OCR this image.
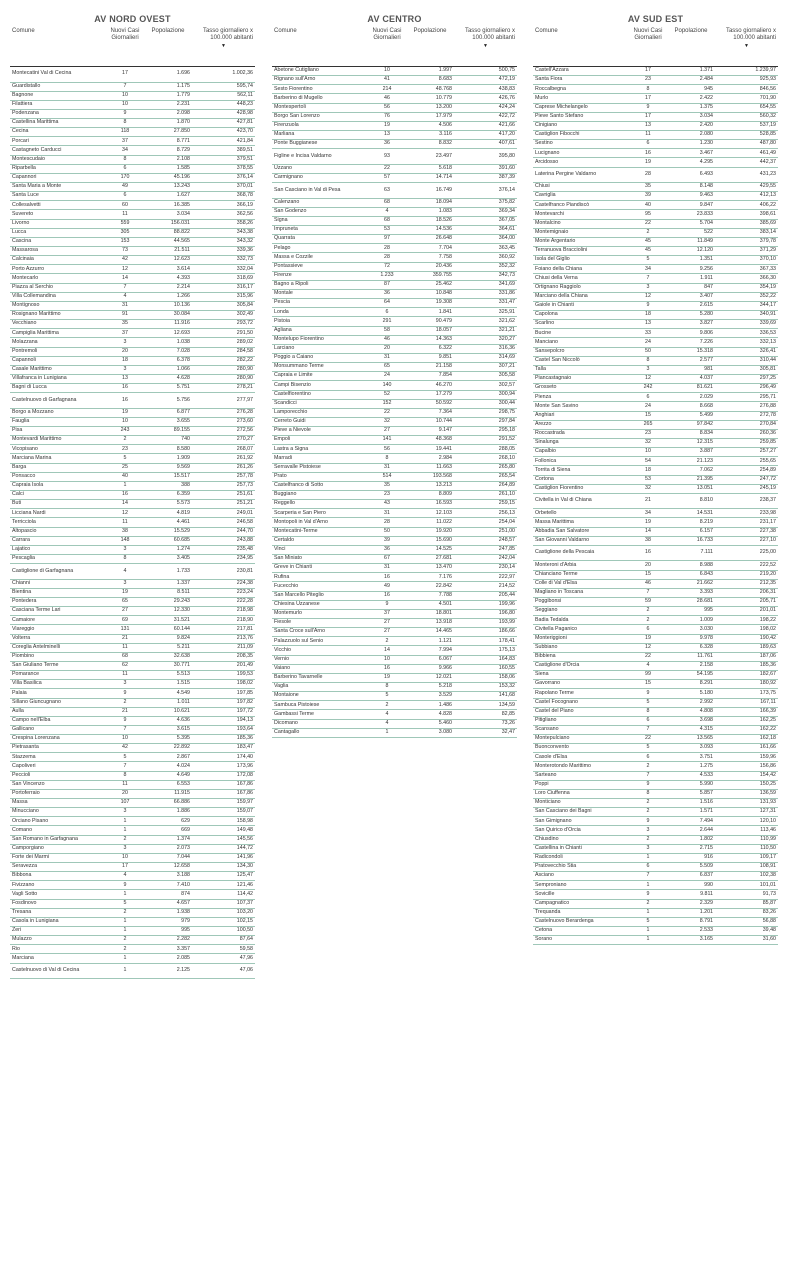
AV NORD OVEST
Comune	Nuovi Casi Giornalieri	Popolazione	Tasso giornaliero x 100.000 abitanti
▼

Montecatini Val di Cecina	17	1.696	1.002,36
Guardistallo	7	1.175	595,74
Bagnone	10	1.779	562,11
Filattiera	10	2.231	448,23
Podenzana	9	2.098	428,98
Castellina Marittima	8	1.870	427,81
Cecina	118	27.850	423,70
Porcari	37	8.771	421,84
Castagneto Carducci	34	8.729	389,51
Montescudaio	8	2.108	379,51
Riparbella	6	1.585	378,55
Capannori	170	45.196	376,14
Santa Maria a Monte	49	13.243	370,01
Santa Luce	6	1.627	368,78
Collesalvetti	60	16.385	366,19
Suvereto	11	3.034	362,56
Livorno	559	156.031	358,26
Lucca	305	88.822	343,38
Cascina	153	44.565	343,32
Massarosa	73	21.511	339,36
Calcinaia	42	12.623	332,73
Porto Azzurro	12	3.614	332,04
Montecarlo	14	4.393	318,69
Piazza al Serchio	7	2.214	316,17
Villa Collemandina	4	1.266	315,96
Montignoso	31	10.136	305,84
Rosignano Marittimo	91	30.084	302,49
Vecchiano	35	11.916	293,72
Campiglia Marittima	37	12.693	291,50
Molazzana	3	1.038	289,02
Pontremoli	20	7.028	284,58
Capannoli	18	6.378	282,22
Casale Marittimo	3	1.066	280,90
Villafranca in Lunigiana	13	4.628	280,90
Bagni di Lucca	16	5.751	278,21
Castelnuovo di Garfagnana	16	5.756	277,97
Borgo a Mozzano	19	6.877	276,28
Fauglia	10	3.655	273,60
Pisa	243	89.155	272,56
Montevardi Marittimo	2	740	270,27
Vicopisano	23	8.580	268,07
Marciana Marina	5	1.909	261,92
Barga	25	9.569	261,26
Ponsacco	40	15.517	257,78
Capraia Isola	1	388	257,73
Calci	16	6.359	251,61
Buti	14	5.573	251,21
Licciana Nardi	12	4.819	249,01
Terricciola	11	4.461	246,58
Altopascio	38	15.529	244,70
Carrara	148	60.685	243,88
Lajatico	3	1.274	235,48
Pescaglia	8	3.405	234,95
Castiglione di Garfagnana	4	1.733	230,81
Chianni	3	1.337	224,38
Bientina	19	8.511	223,24
Pontedera	65	29.243	222,28
Casciana Terme Lari	27	12.330	218,98
Camaiore	69	31.521	218,90
Viareggio	131	60.144	217,81
Volterra	21	9.824	213,76
Coreglia Antelminelli	11	5.211	211,09
Piombino	68	32.638	208,35
San Giuliano Terme	62	30.771	201,49
Pomarance	11	5.513	199,53
Villa Basilica	3	1.515	198,02
Palaia	9	4.549	197,85
Sillano Giuncugnano	2	1.011	197,82
Aulla	21	10.621	197,72
Campo nell'Elba	9	4.636	194,13
Gallicano	7	3.615	193,64
Crespina Lorenzana	10	5.395	185,36
Pietrasanta	42	22.892	183,47
Stazzema	5	2.867	174,40
Capoliveri	7	4.024	173,96
Peccioli	8	4.649	172,08
San Vincenzo	11	6.553	167,86
Portoferraio	20	11.915	167,86
Massa	107	66.886	159,97
Minucciano	3	1.886	159,07
Orciano Pisano	1	629	158,98
Comano	1	669	149,48
San Romano in Garfagnana	2	1.374	145,56
Camporgiano	3	2.073	144,72
Forte dei Marmi	10	7.044	141,96
Seravezza	17	12.658	134,30
Bibbona	4	3.188	125,47
Fivizzano	9	7.410	121,46
Vagli Sotto	1	874	114,42
Fosdinovo	5	4.657	107,37
Tresana	2	1.938	103,20
Casola in Lunigiana	1	979	102,15
Zeri	1	995	100,50
Mulazzo	2	2.282	87,64
Rio	2	3.357	59,58
Marciana	1	2.085	47,96
Castelnuovo di Val di Cecina	1	2.125	47,06
AV CENTRO
Comune	Nuovi Casi Giornalieri	Popolazione	Tasso giornaliero x 100.000 abitanti
▼

Abetone Cutigliano	10	1.997	500,75
Rignano sull'Arno	41	8.683	472,19
Sesto Fiorentino	214	48.768	438,83
Barberino di Mugello	46	10.779	426,76
Montespertoli	56	13.200	424,24
Borgo San Lorenzo	76	17.979	422,72
Firenzuola	19	4.506	421,66
Marliana	13	3.116	417,20
Ponte Buggianese	36	8.832	407,61
Figline e Incisa Valdarno	93	23.497	395,80
Uzzano	22	5.618	391,60
Carmignano	57	14.714	387,39
San Casciano in Val di Pesa	63	16.749	376,14
Calenzano	68	18.094	375,82
San Godenzo	4	1.083	369,34
Signa	68	18.526	367,05
Impruneta	53	14.536	364,61
Quarrata	97	26.648	364,00
Pelago	28	7.704	363,45
Massa e Cozzile	28	7.758	360,92
Pontassieve	72	20.436	352,32
Firenze	1.233	359.755	342,73
Bagno a Ripoli	87	25.462	341,69
Montale	36	10.848	331,86
Pescia	64	19.308	331,47
Londa	6	1.841	325,91
Pistoia	291	90.479	321,62
Agliana	58	18.057	321,21
Montelupo Fiorentino	46	14.363	320,27
Larciano	20	6.322	316,36
Poggio a Caiano	31	9.851	314,69
Monsummano Terme	65	21.158	307,21
Capraia e Limite	24	7.854	305,58
Campi Bisenzio	140	46.270	302,57
Castelfiorentino	52	17.279	300,94
Scandicci	152	50.592	300,44
Lamporecchio	22	7.364	298,75
Cerreto Guidi	32	10.744	297,84
Pieve a Nievole	27	9.147	295,18
Empoli	141	48.368	291,52
Lastra a Signa	56	19.441	288,05
Marradi	8	2.984	268,10
Serravalle Pistoiese	31	11.663	265,80
Prato	514	193.568	265,54
Castelfranco di Sotto	35	13.213	264,89
Buggiano	23	8.809	261,10
Reggello	43	16.593	259,15
Scarperia e San Piero	31	12.103	256,13
Montopoli in Val d'Arno	28	11.022	254,04
Montecatini-Terme	50	19.920	251,00
Certaldo	39	15.690	248,57
Vinci	36	14.525	247,85
San Miniato	67	27.681	242,04
Greve in Chianti	31	13.470	230,14
Rufina	16	7.176	222,97
Fucecchio	49	22.842	214,52
San Marcello Piteglio	16	7.788	205,44
Chiesina Uzzanese	9	4.501	199,96
Montemurlo	37	18.801	196,80
Fiesole	27	13.918	193,99
Santa Croce sull'Arno	27	14.465	186,66
Palazzuolo sul Senio	2	1.121	178,41
Vicchio	14	7.994	175,13
Vernio	10	6.067	164,83
Vaiano	16	9.966	160,55
Barberino Tavarnelle	19	12.021	158,06
Vaglia	8	5.218	153,32
Montaione	5	3.529	141,68
Sambuca Pistoiese	2	1.486	134,59
Gambassi Terme	4	4.828	82,85
Dicomano	4	5.460	73,26
Cantagallo	1	3.080	32,47
AV SUD EST
Comune	Nuovi Casi Giornalieri	Popolazione	Tasso giornaliero x 100.000 abitanti
▼

Castell'Azzara	17	1.371	1.239,97
Santa Fiora	23	2.484	925,93
Roccalbegna	8	945	846,56
Murlo	17	2.422	701,90
Caprese Michelangelo	9	1.375	654,55
Pieve Santo Stefano	17	3.034	560,32
Cinigiano	13	2.420	537,19
Castiglion Fibocchi	11	2.080	528,85
Sestino	6	1.230	487,80
Lucignano	16	3.467	461,49
Arcidosso	19	4.295	442,37
Laterina Pergine Valdarno	28	6.493	431,23
Chiusi	35	8.148	429,55
Cavriglia	39	9.463	412,13
Castelfranco Piandiscò	40	9.847	406,22
Montevarchi	95	23.833	398,61
Montalcino	22	5.704	385,69
Montemignaio	2	522	383,14
Monte Argentario	45	11.849	379,78
Terranuova Bracciolini	45	12.120	371,29
Isola del Giglio	5	1.351	370,10
Foiano della Chiana	34	9.256	367,33
Chiusi della Verna	7	1.911	366,30
Ortignano Raggiolo	3	847	354,19
Marciano della Chiana	12	3.407	352,22
Gaiole in Chianti	9	2.615	344,17
Capolona	18	5.280	340,91
Scarlino	13	3.827	339,69
Bucine	33	9.806	336,53
Manciano	24	7.226	332,13
Sansepolcro	50	15.318	326,41
Castel San Niccolò	8	2.577	310,44
Talla	3	981	305,81
Piancastagnaio	12	4.037	297,25
Grosseto	242	81.621	296,49
Pienza	6	2.029	295,71
Monte San Savino	24	8.668	276,88
Anghiari	15	5.499	272,78
Arezzo	265	97.842	270,84
Roccastrada	23	8.834	260,36
Sinalunga	32	12.315	259,85
Capalbio	10	3.887	257,27
Follonica	54	21.123	255,65
Torrita di Siena	18	7.062	254,89
Cortona	53	21.395	247,72
Castiglion Fiorentino	32	13.051	245,19
Civitella in Val di Chiana	21	8.810	238,37
Orbetello	34	14.531	233,98
Massa Marittima	19	8.219	231,17
Abbadia San Salvatore	14	6.157	227,38
San Giovanni Valdarno	38	16.733	227,10
Castiglione della Pescaia	16	7.111	225,00
Monteroni d'Arbia	20	8.988	222,52
Chianciano Terme	15	6.843	219,20
Colle di Val d'Elsa	46	21.662	212,35
Magliano in Toscana	7	3.393	206,31
Poggibonsi	59	28.681	205,71
Seggiano	2	995	201,01
Badia Tedalda	2	1.009	198,22
Civitella Paganico	6	3.030	198,02
Monteriggioni	19	9.978	190,42
Subbiano	12	6.328	189,63
Bibbiena	22	11.761	187,06
Castiglione d'Orcia	4	2.158	185,36
Siena	99	54.195	182,67
Gavorrano	15	8.291	180,92
Rapolano Terme	9	5.180	173,75
Castel Focognano	5	2.992	167,11
Castel del Piano	8	4.808	166,39
Pitigliano	6	3.698	162,25
Scansano	7	4.315	162,22
Montepulciano	22	13.565	162,18
Buonconvento	5	3.093	161,66
Casole d'Elsa	6	3.751	159,96
Monterotondo Marittimo	2	1.275	156,86
Sarteano	7	4.533	154,42
Poppi	9	5.990	150,25
Loro Ciuffenna	8	5.857	136,59
Monticiano	2	1.516	131,93
San Casciano dei Bagni	2	1.571	127,31
San Gimignano	9	7.494	120,10
San Quirico d'Orcia	3	2.644	113,46
Chiusdino	2	1.802	110,99
Castellina in Chianti	3	2.715	110,50
Radicondoli	1	916	109,17
Pratovecchio Stia	6	5.509	108,91
Asciano	7	6.837	102,38
Semproniano	1	990	101,01
Sovicille	9	9.811	91,73
Campagnatico	2	2.329	85,87
Trequanda	1	1.201	83,26
Castelnuovo Berardenga	5	8.791	56,88
Cetona	1	2.533	39,48
Sorano	1	3.165	31,60
